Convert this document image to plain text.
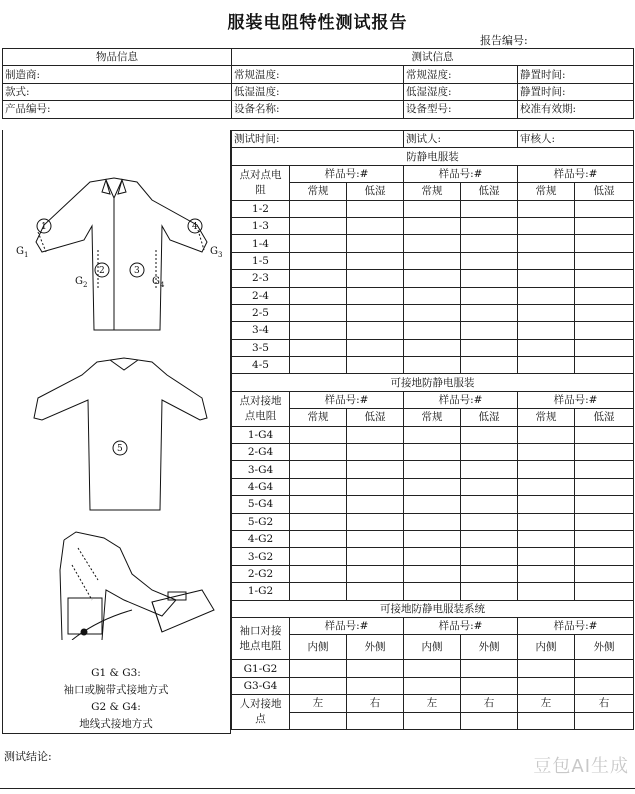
服装电阻特性测试报告
报告编号:
物品信息	测试信息		
制造商:	常规温度:	常规湿度:	静置时间:
款式:	低湿温度:	低湿湿度:	静置时间:
产品编号:	设备名称:	设备型号:	校准有效期:
测试时间:			测试人:		审核人:	
防静电服装						
点对点电
阻	样品号:#		样品号:#		样品号:#	
	常规	低湿	常规	低湿	常规	低湿
1-2						
1-3						
1-4						
1-5						
2-3						
2-4						
2-5						
3-4						
3-5						
4-5						
可接地防静电服装						
点对接地
点电阻	样品号:#		样品号:#		样品号:#	
	常规	低湿	常规	低湿	常规	低湿
1-G4						
2-G4						
3-G4						
4-G4						
5-G4						
5-G2						
4-G2						
3-G2						
2-G2						
1-G2						
可接地防静电服装系统						
袖口对接
地点电阻	样品号:#		样品号:#		样品号:#	
	内侧	外侧	内侧	外侧	内侧	外侧
G1-G2						
G3-G4						
人对接地
点	左	右	左	右	左	右

1
2	3
4
5
$G_1$
$G_2$
$G_3$
$G_4$
G1 & G3:
袖口或腕带式接地方式
G2 & G4:
地线式接地方式
测试结论:	豆包AI生成
